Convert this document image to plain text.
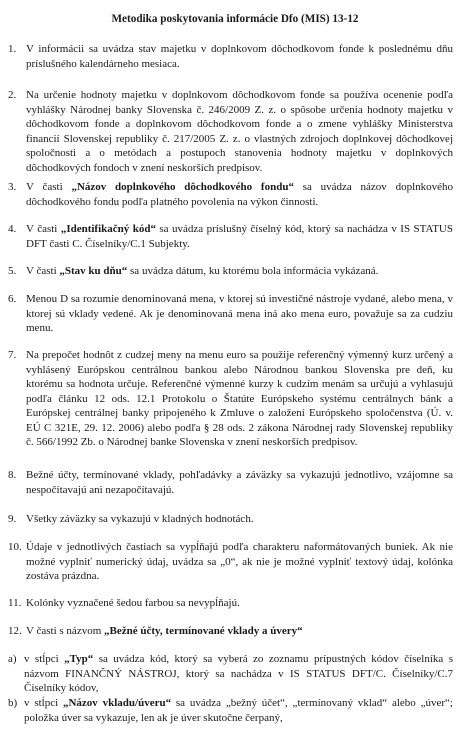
Metodika poskytovania informácie Dfo (MIS) 13-12
1. V informácii sa uvádza stav majetku v doplnkovom dôchodkovom fonde k poslednému dňu príslušného kalendárneho mesiaca.
2. Na určenie hodnoty majetku v doplnkovom dôchodkovom fonde sa používa ocenenie podľa vyhlášky Národnej banky Slovenska č. 246/2009 Z. z. o spôsobe určenia hodnoty majetku v dôchodkovom fonde a doplnkovom dôchodkovom fonde a o zmene vyhlášky Ministerstva financií Slovenskej republiky č. 217/2005 Z. z. o vlastných zdrojoch doplnkovej dôchodkovej spoločnosti a o metódach a postupoch stanovenia hodnoty majetku v doplnkových dôchodkových fondoch v znení neskorších predpisov.
3. V časti „Názov doplnkového dôchodkového fondu“ sa uvádza názov doplnkového dôchodkového fondu podľa platného povolenia na výkon činnosti.
4. V časti „Identifikačný kód“ sa uvádza príslušný číselný kód, ktorý sa nachádza v IS STATUS DFT časti C. Číselníky/C.1 Subjekty.
5. V časti „Stav ku dňu“ sa uvádza dátum, ku ktorému bola informácia vykázaná.
6. Menou D sa rozumie denominovaná mena, v ktorej sú investičné nástroje vydané, alebo mena, v ktorej sú vklady vedené. Ak je denominovaná mena iná ako mena euro, považuje sa za cudziu menu.
7. Na prepočet hodnôt z cudzej meny na menu euro sa použije referenčný výmenný kurz určený a vyhlásený Európskou centrálnou bankou alebo Národnou bankou Slovenska pre deň, ku ktorému sa hodnota určuje. Referenčné výmenné kurzy k cudzím menám sa určujú a vyhlasujú podľa článku 12 ods. 12.1 Protokolu o Štatúte Európskeho systému centrálnych bánk a Európskej centrálnej banky pripojeného k Zmluve o založení Európskeho spoločenstva (Ú. v. EÚ C 321E, 29. 12. 2006) alebo podľa § 28 ods. 2 zákona Národnej rady Slovenskej republiky č. 566/1992 Zb. o Národnej banke Slovenska v znení neskorších predpisov.
8. Bežné účty, termínované vklady, pohľadávky a záväzky sa vykazujú jednotlivo, vzájomne sa nespočítavajú ani nezapočítavajú.
9. Všetky záväzky sa vykazujú v kladných hodnotách.
10. Údaje v jednotlivých častiach sa vypĺňajú podľa charakteru naformátovaných buniek. Ak nie možné vyplniť numerický údaj, uvádza sa „0“, ak nie je možné vyplniť textový údaj, kolónka zostáva prázdna.
11. Kolónky vyznačené šedou farbou sa nevypĺňajú.
12. V časti s názvom „Bežné účty, termínované vklady a úvery“
a) v stĺpci „Typ“ sa uvádza kód, ktorý sa vyberá zo zoznamu prípustných kódov číselníka s názvom FINANČNÝ NÁSTROJ, ktorý sa nachádza v IS STATUS DFT/C. Číselníky/C.7 Číselníky kódov,
b) v stĺpci „Názov vkladu/úveru“ sa uvádza „bežný účet“, „termínovaný vklad“ alebo „úver“; položka úver sa vykazuje, len ak je úver skutočne čerpaný,
